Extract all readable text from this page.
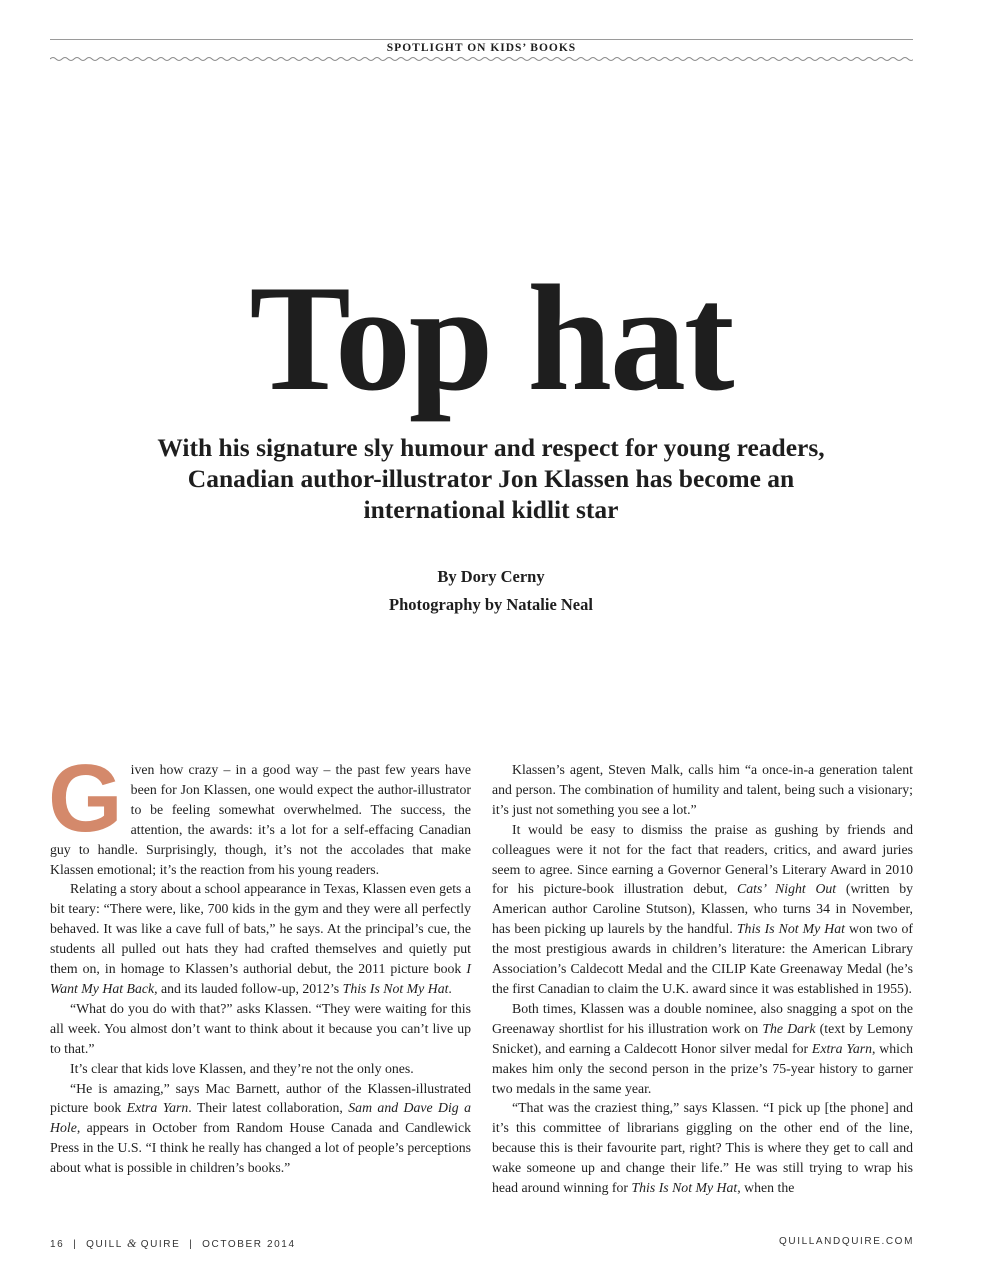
SPOTLIGHT ON KIDS’ BOOKS
Top hat
With his signature sly humour and respect for young readers, Canadian author-illustrator Jon Klassen has become an international kidlit star
By Dory Cerny
Photography by Natalie Neal

Given how crazy – in a good way – the past few years have been for Jon Klassen, one would expect the author-illustrator to be feeling somewhat overwhelmed. The success, the attention, the awards: it’s a lot for a self-effacing Canadian guy to handle. Surprisingly, though, it’s not the accolades that make Klassen emotional; it’s the reaction from his young readers.

Relating a story about a school appearance in Texas, Klassen even gets a bit teary: “There were, like, 700 kids in the gym and they were all perfectly behaved. It was like a cave full of bats,” he says. At the principal’s cue, the students all pulled out hats they had crafted themselves and quietly put them on, in homage to Klassen’s authorial debut, the 2011 picture book I Want My Hat Back, and its lauded follow-up, 2012’s This Is Not My Hat.

“What do you do with that?” asks Klassen. “They were waiting for this all week. You almost don’t want to think about it because you can’t live up to that.”

It’s clear that kids love Klassen, and they’re not the only ones.

“He is amazing,” says Mac Barnett, author of the Klassen-illustrated picture book Extra Yarn. Their latest collaboration, Sam and Dave Dig a Hole, appears in October from Random House Canada and Candlewick Press in the U.S. “I think he really has changed a lot of people’s perceptions about what is possible in children’s books.”

Klassen’s agent, Steven Malk, calls him “a once-in-a generation talent and person. The combination of humility and talent, being such a visionary; it’s just not something you see a lot.”

It would be easy to dismiss the praise as gushing by friends and colleagues were it not for the fact that readers, critics, and award juries seem to agree. Since earning a Governor General’s Literary Award in 2010 for his picture-book illustration debut, Cats’ Night Out (written by American author Caroline Stutson), Klassen, who turns 34 in November, has been picking up laurels by the handful. This Is Not My Hat won two of the most prestigious awards in children’s literature: the American Library Association’s Caldecott Medal and the CILIP Kate Greenaway Medal (he’s the first Canadian to claim the U.K. award since it was established in 1955).

Both times, Klassen was a double nominee, also snagging a spot on the Greenaway shortlist for his illustration work on The Dark (text by Lemony Snicket), and earning a Caldecott Honor silver medal for Extra Yarn, which makes him only the second person in the prize’s 75-year history to garner two medals in the same year.

“That was the craziest thing,” says Klassen. “I pick up [the phone] and it’s this committee of librarians giggling on the other end of the line, because this is their favourite part, right? This is where they get to call and wake someone up and change their life.” He was still trying to wrap his head around winning for This Is Not My Hat, when the

16  |  QUILL & QUIRE  |  OCTOBER 2014	QUILLANDQUIRE.COM
